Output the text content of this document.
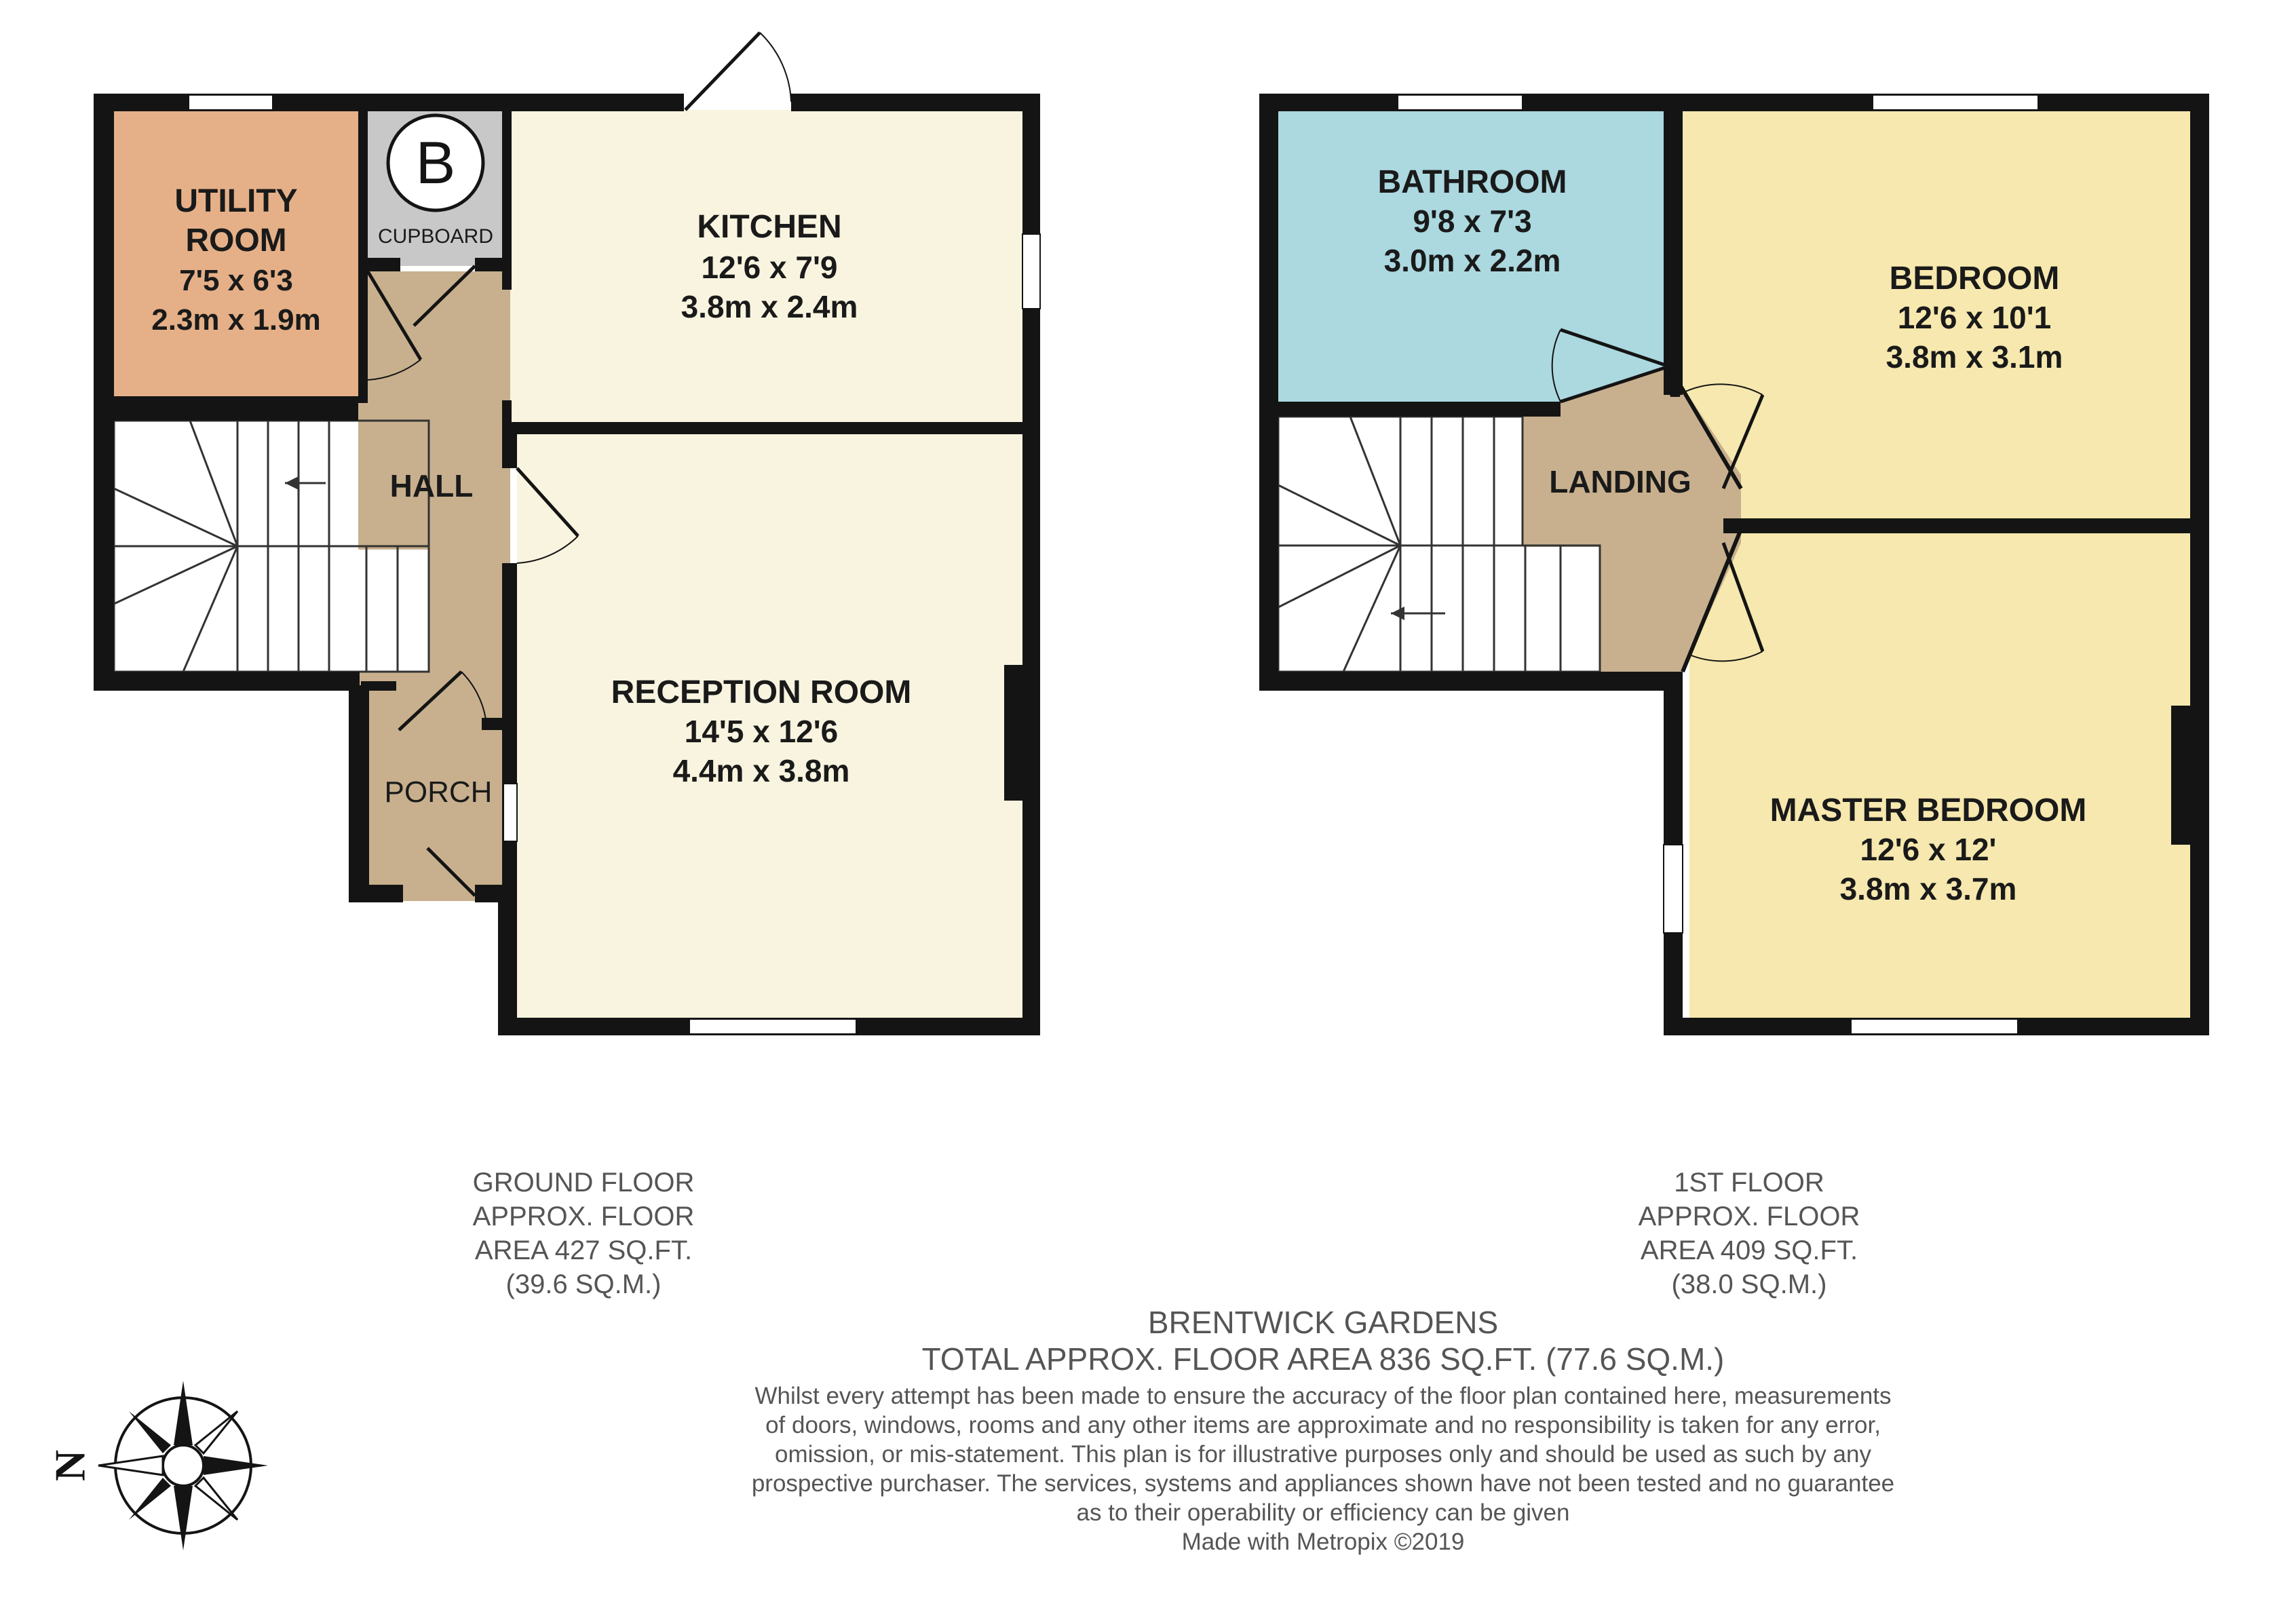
B
UTILITY
ROOM
7'5 x 6'3
2.3m x 1.9m
CUPBOARD	KITCHEN
12'6 x 7'9
3.8m x 2.4m
HALL
PORCH
RECEPTION ROOM
14'5 x 12'6
4.4m x 3.8m
BATHROOM
9'8 x 7'3
3.0m x 2.2m	BEDROOM
12'6 x 10'1
3.8m x 3.1m
LANDING
MASTER BEDROOM
12'6 x 12'
3.8m x 3.7m
N
GROUND FLOOR
APPROX. FLOOR
AREA 427 SQ.FT.
(39.6 SQ.M.)
1ST FLOOR
APPROX. FLOOR
AREA 409 SQ.FT.
(38.0 SQ.M.)
BRENTWICK GARDENS
TOTAL APPROX. FLOOR AREA 836 SQ.FT. (77.6 SQ.M.)
Whilst every attempt has been made to ensure the accuracy of the floor plan contained here, measurements
of doors, windows, rooms and any other items are approximate and no responsibility is taken for any error,
omission, or mis-statement. This plan is for illustrative purposes only and should be used as such by any
prospective purchaser. The services, systems and appliances shown have not been tested and no guarantee
as to their operability or efficiency can be given
Made with Metropix ©2019
